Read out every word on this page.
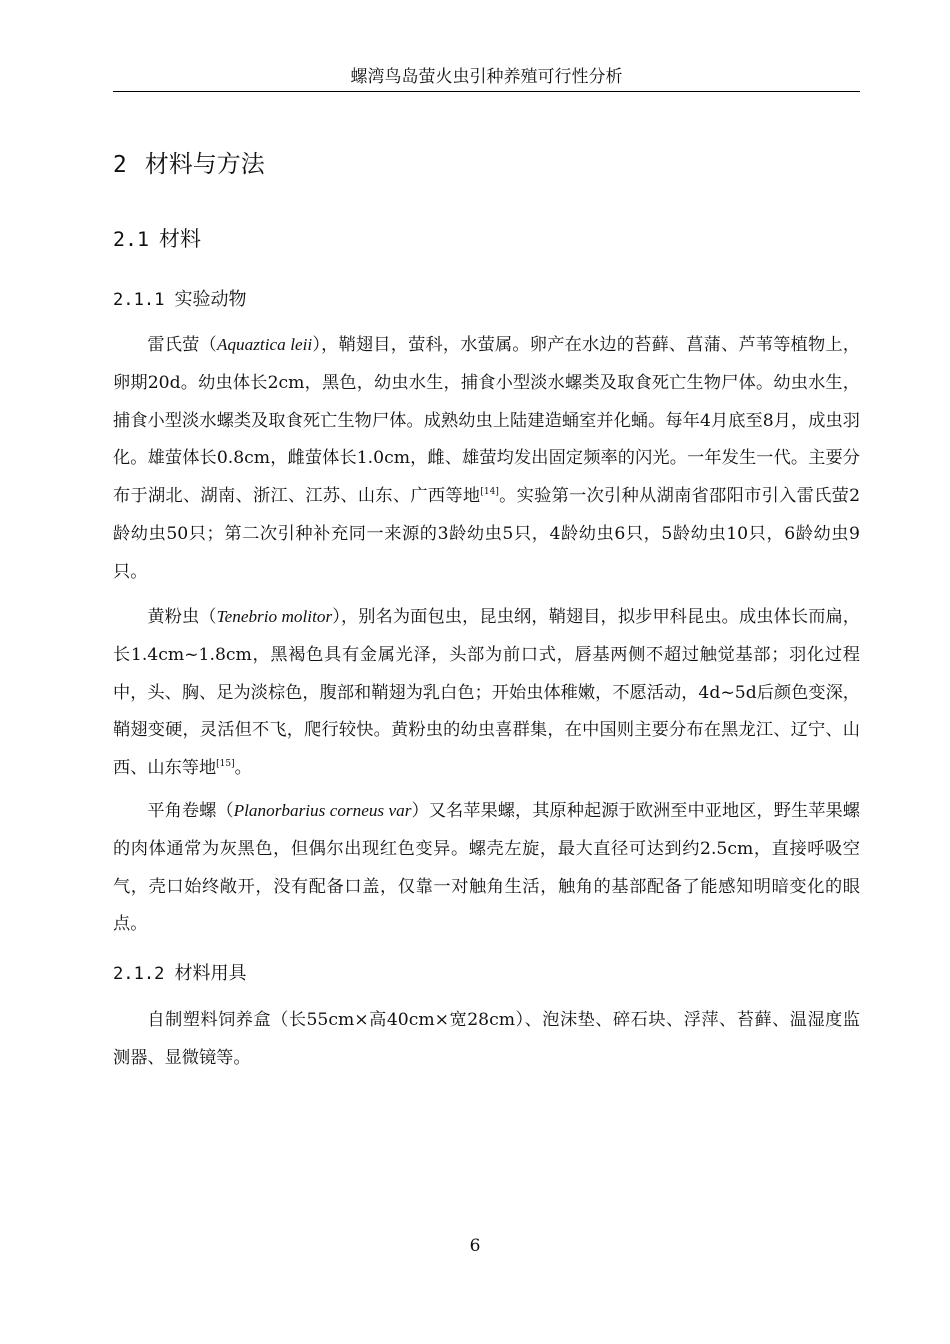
螺湾鸟岛萤火虫引种养殖可行性分析
2 材料与方法
2.1 材料
2.1.1 实验动物

雷氏萤（Aquaztica leii），鞘翅目，萤科，水萤属。卵产在水边的苔藓、菖蒲、芦苇等植物上，卵期20d。幼虫体长2cm，黑色，幼虫水生，捕食小型淡水螺类及取食死亡生物尸体。幼虫水生，捕食小型淡水螺类及取食死亡生物尸体。成熟幼虫上陆建造蛹室并化蛹。每年4月底至8月，成虫羽化。雄萤体长0.8cm，雌萤体长1.0cm，雌、雄萤均发出固定频率的闪光。一年发生一代。主要分布于湖北、湖南、浙江、江苏、山东、广西等地[14]。实验第一次引种从湖南省邵阳市引入雷氏萤2龄幼虫50只；第二次引种补充同一来源的3龄幼虫5只，4龄幼虫6只，5龄幼虫10只，6龄幼虫9只。

黄粉虫（Tenebrio molitor），别名为面包虫，昆虫纲，鞘翅目，拟步甲科昆虫。成虫体长而扁，长1.4cm~1.8cm，黑褐色具有金属光泽，头部为前口式，唇基两侧不超过触觉基部；羽化过程中，头、胸、足为淡棕色，腹部和鞘翅为乳白色；开始虫体稚嫩，不愿活动，4d~5d后颜色变深，鞘翅变硬，灵活但不飞，爬行较快。黄粉虫的幼虫喜群集，在中国则主要分布在黑龙江、辽宁、山西、山东等地[15]。

平角卷螺（Planorbarius corneus var）又名苹果螺，其原种起源于欧洲至中亚地区，野生苹果螺的肉体通常为灰黑色，但偶尔出现红色变异。螺壳左旋，最大直径可达到约2.5cm，直接呼吸空气，壳口始终敞开，没有配备口盖，仅靠一对触角生活，触角的基部配备了能感知明暗变化的眼点。

2.1.2 材料用具

自制塑料饲养盒（长55cm×高40cm×宽28cm）、泡沫垫、碎石块、浮萍、苔藓、温湿度监测器、显微镜等。

6
